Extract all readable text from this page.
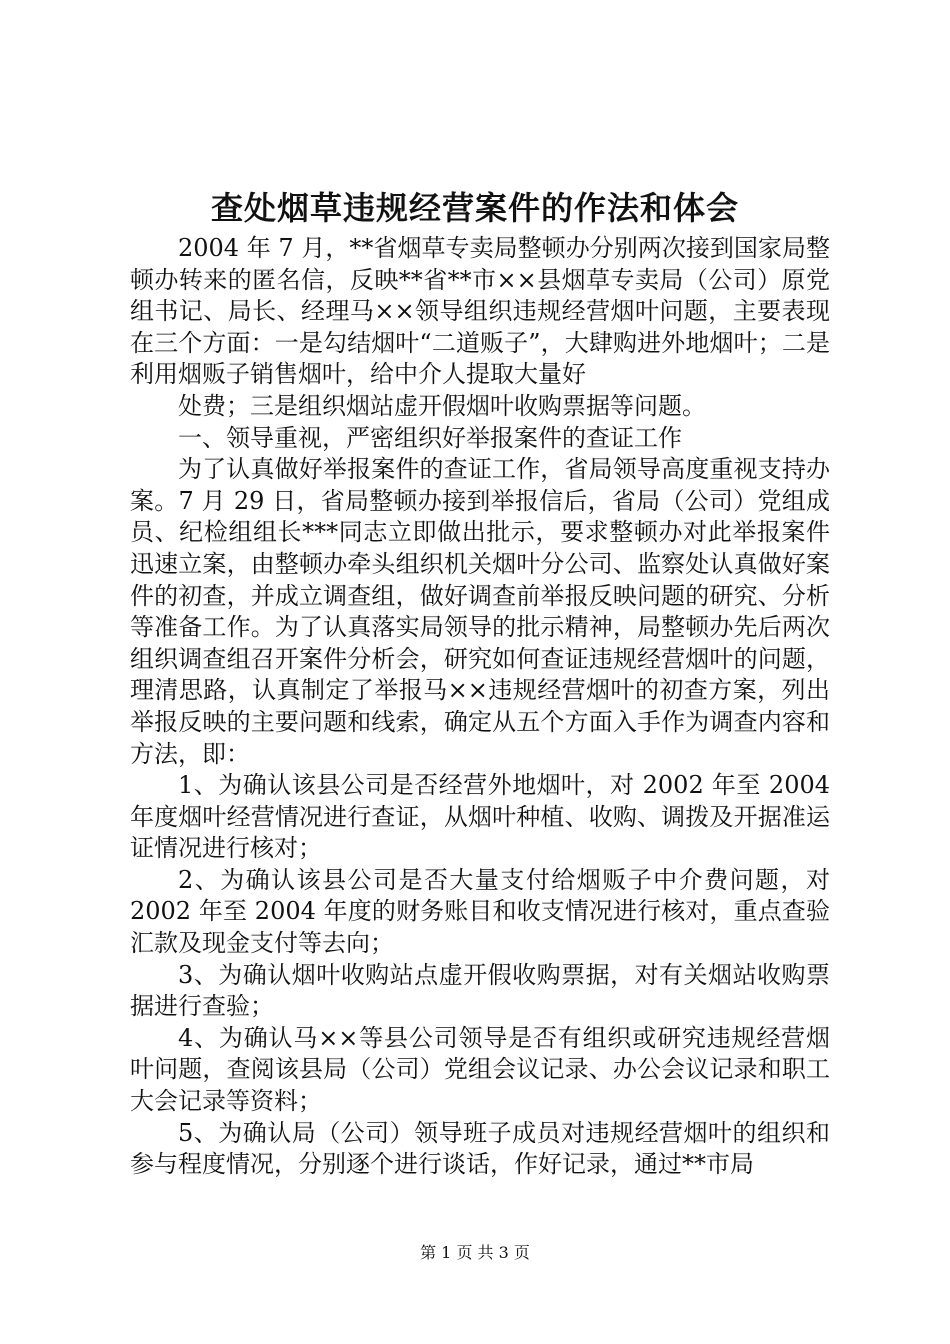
查处烟草违规经营案件的作法和体会

2004 年 7 月，**省烟草专卖局整顿办分别两次接到国家局整顿办转来的匿名信，反映**省**市××县烟草专卖局（公司）原党组书记、局长、经理马××领导组织违规经营烟叶问题，主要表现在三个方面：一是勾结烟叶“二道贩子”，大肆购进外地烟叶；二是利用烟贩子销售烟叶，给中介人提取大量好

处费；三是组织烟站虚开假烟叶收购票据等问题。

一、领导重视，严密组织好举报案件的查证工作

为了认真做好举报案件的查证工作，省局领导高度重视支持办案。7 月 29 日，省局整顿办接到举报信后，省局（公司）党组成员、纪检组组长***同志立即做出批示，要求整顿办对此举报案件迅速立案，由整顿办牵头组织机关烟叶分公司、监察处认真做好案件的初查，并成立调查组，做好调查前举报反映问题的研究、分析等准备工作。为了认真落实局领导的批示精神，局整顿办先后两次组织调查组召开案件分析会，研究如何查证违规经营烟叶的问题，理清思路，认真制定了举报马××违规经营烟叶的初查方案，列出举报反映的主要问题和线索，确定从五个方面入手作为调查内容和方法，即：

1、为确认该县公司是否经营外地烟叶，对 2002 年至 2004 年度烟叶经营情况进行查证，从烟叶种植、收购、调拨及开据准运证情况进行核对；

2、为确认该县公司是否大量支付给烟贩子中介费问题，对 2002 年至 2004 年度的财务账目和收支情况进行核对，重点查验汇款及现金支付等去向；

3、为确认烟叶收购站点虚开假收购票据，对有关烟站收购票据进行查验；

4、为确认马××等县公司领导是否有组织或研究违规经营烟叶问题，查阅该县局（公司）党组会议记录、办公会议记录和职工大会记录等资料；

5、为确认局（公司）领导班子成员对违规经营烟叶的组织和参与程度情况，分别逐个进行谈话，作好记录，通过**市局

第 1 页 共 3 页
